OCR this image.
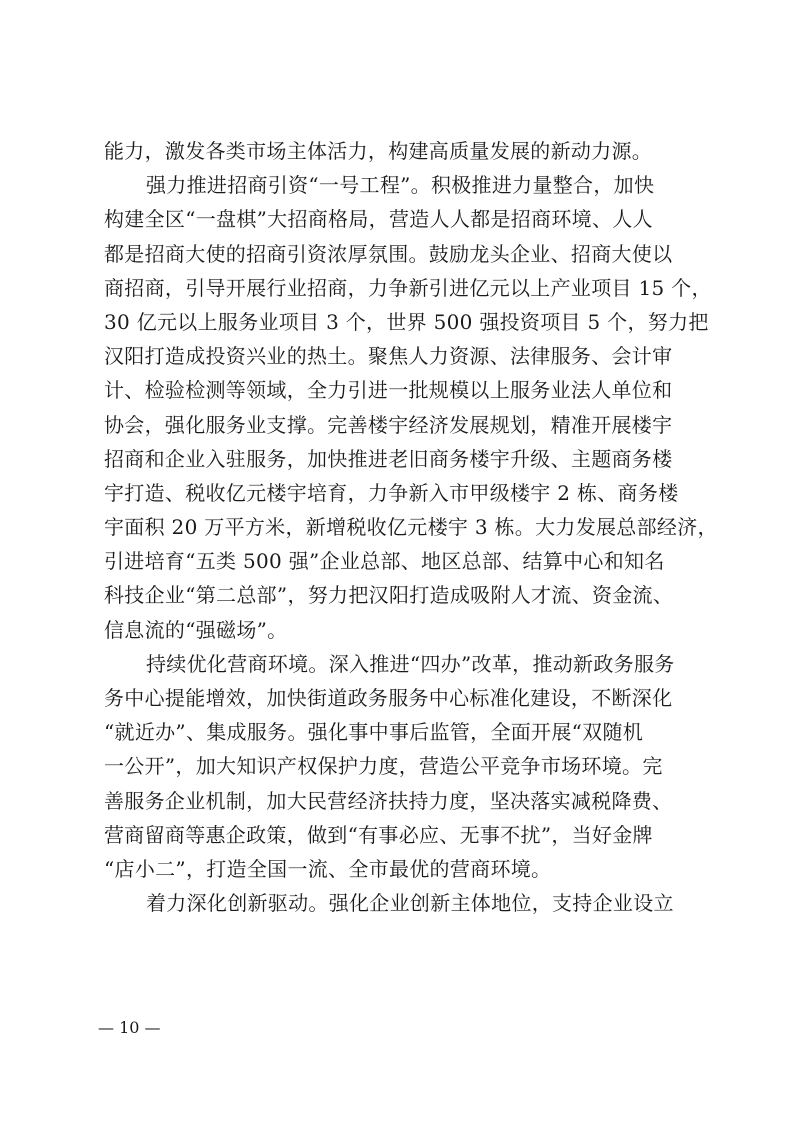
能力，激发各类市场主体活力，构建高质量发展的新动力源。
强力推进招商引资“一号工程”。积极推进力量整合，加快
构建全区“一盘棋”大招商格局，营造人人都是招商环境、人人
都是招商大使的招商引资浓厚氛围。鼓励龙头企业、招商大使以
商招商，引导开展行业招商，力争新引进亿元以上产业项目 15 个，
30 亿元以上服务业项目 3 个，世界 500 强投资项目 5 个，努力把
汉阳打造成投资兴业的热土。聚焦人力资源、法律服务、会计审
计、检验检测等领域，全力引进一批规模以上服务业法人单位和
协会，强化服务业支撑。完善楼宇经济发展规划，精准开展楼宇
招商和企业入驻服务，加快推进老旧商务楼宇升级、主题商务楼
宇打造、税收亿元楼宇培育，力争新入市甲级楼宇 2 栋、商务楼
宇面积 20 万平方米，新增税收亿元楼宇 3 栋。大力发展总部经济，
引进培育“五类 500 强”企业总部、地区总部、结算中心和知名
科技企业“第二总部”，努力把汉阳打造成吸附人才流、资金流、
信息流的“强磁场”。
持续优化营商环境。深入推进“四办”改革，推动新政务服务
务中心提能增效，加快街道政务服务中心标准化建设，不断深化
“就近办”、集成服务。强化事中事后监管，全面开展“双随机
一公开”，加大知识产权保护力度，营造公平竞争市场环境。完
善服务企业机制，加大民营经济扶持力度，坚决落实减税降费、
营商留商等惠企政策，做到“有事必应、无事不扰”，当好金牌
“店小二”，打造全国一流、全市最优的营商环境。
着力深化创新驱动。强化企业创新主体地位，支持企业设立
— 10 —
